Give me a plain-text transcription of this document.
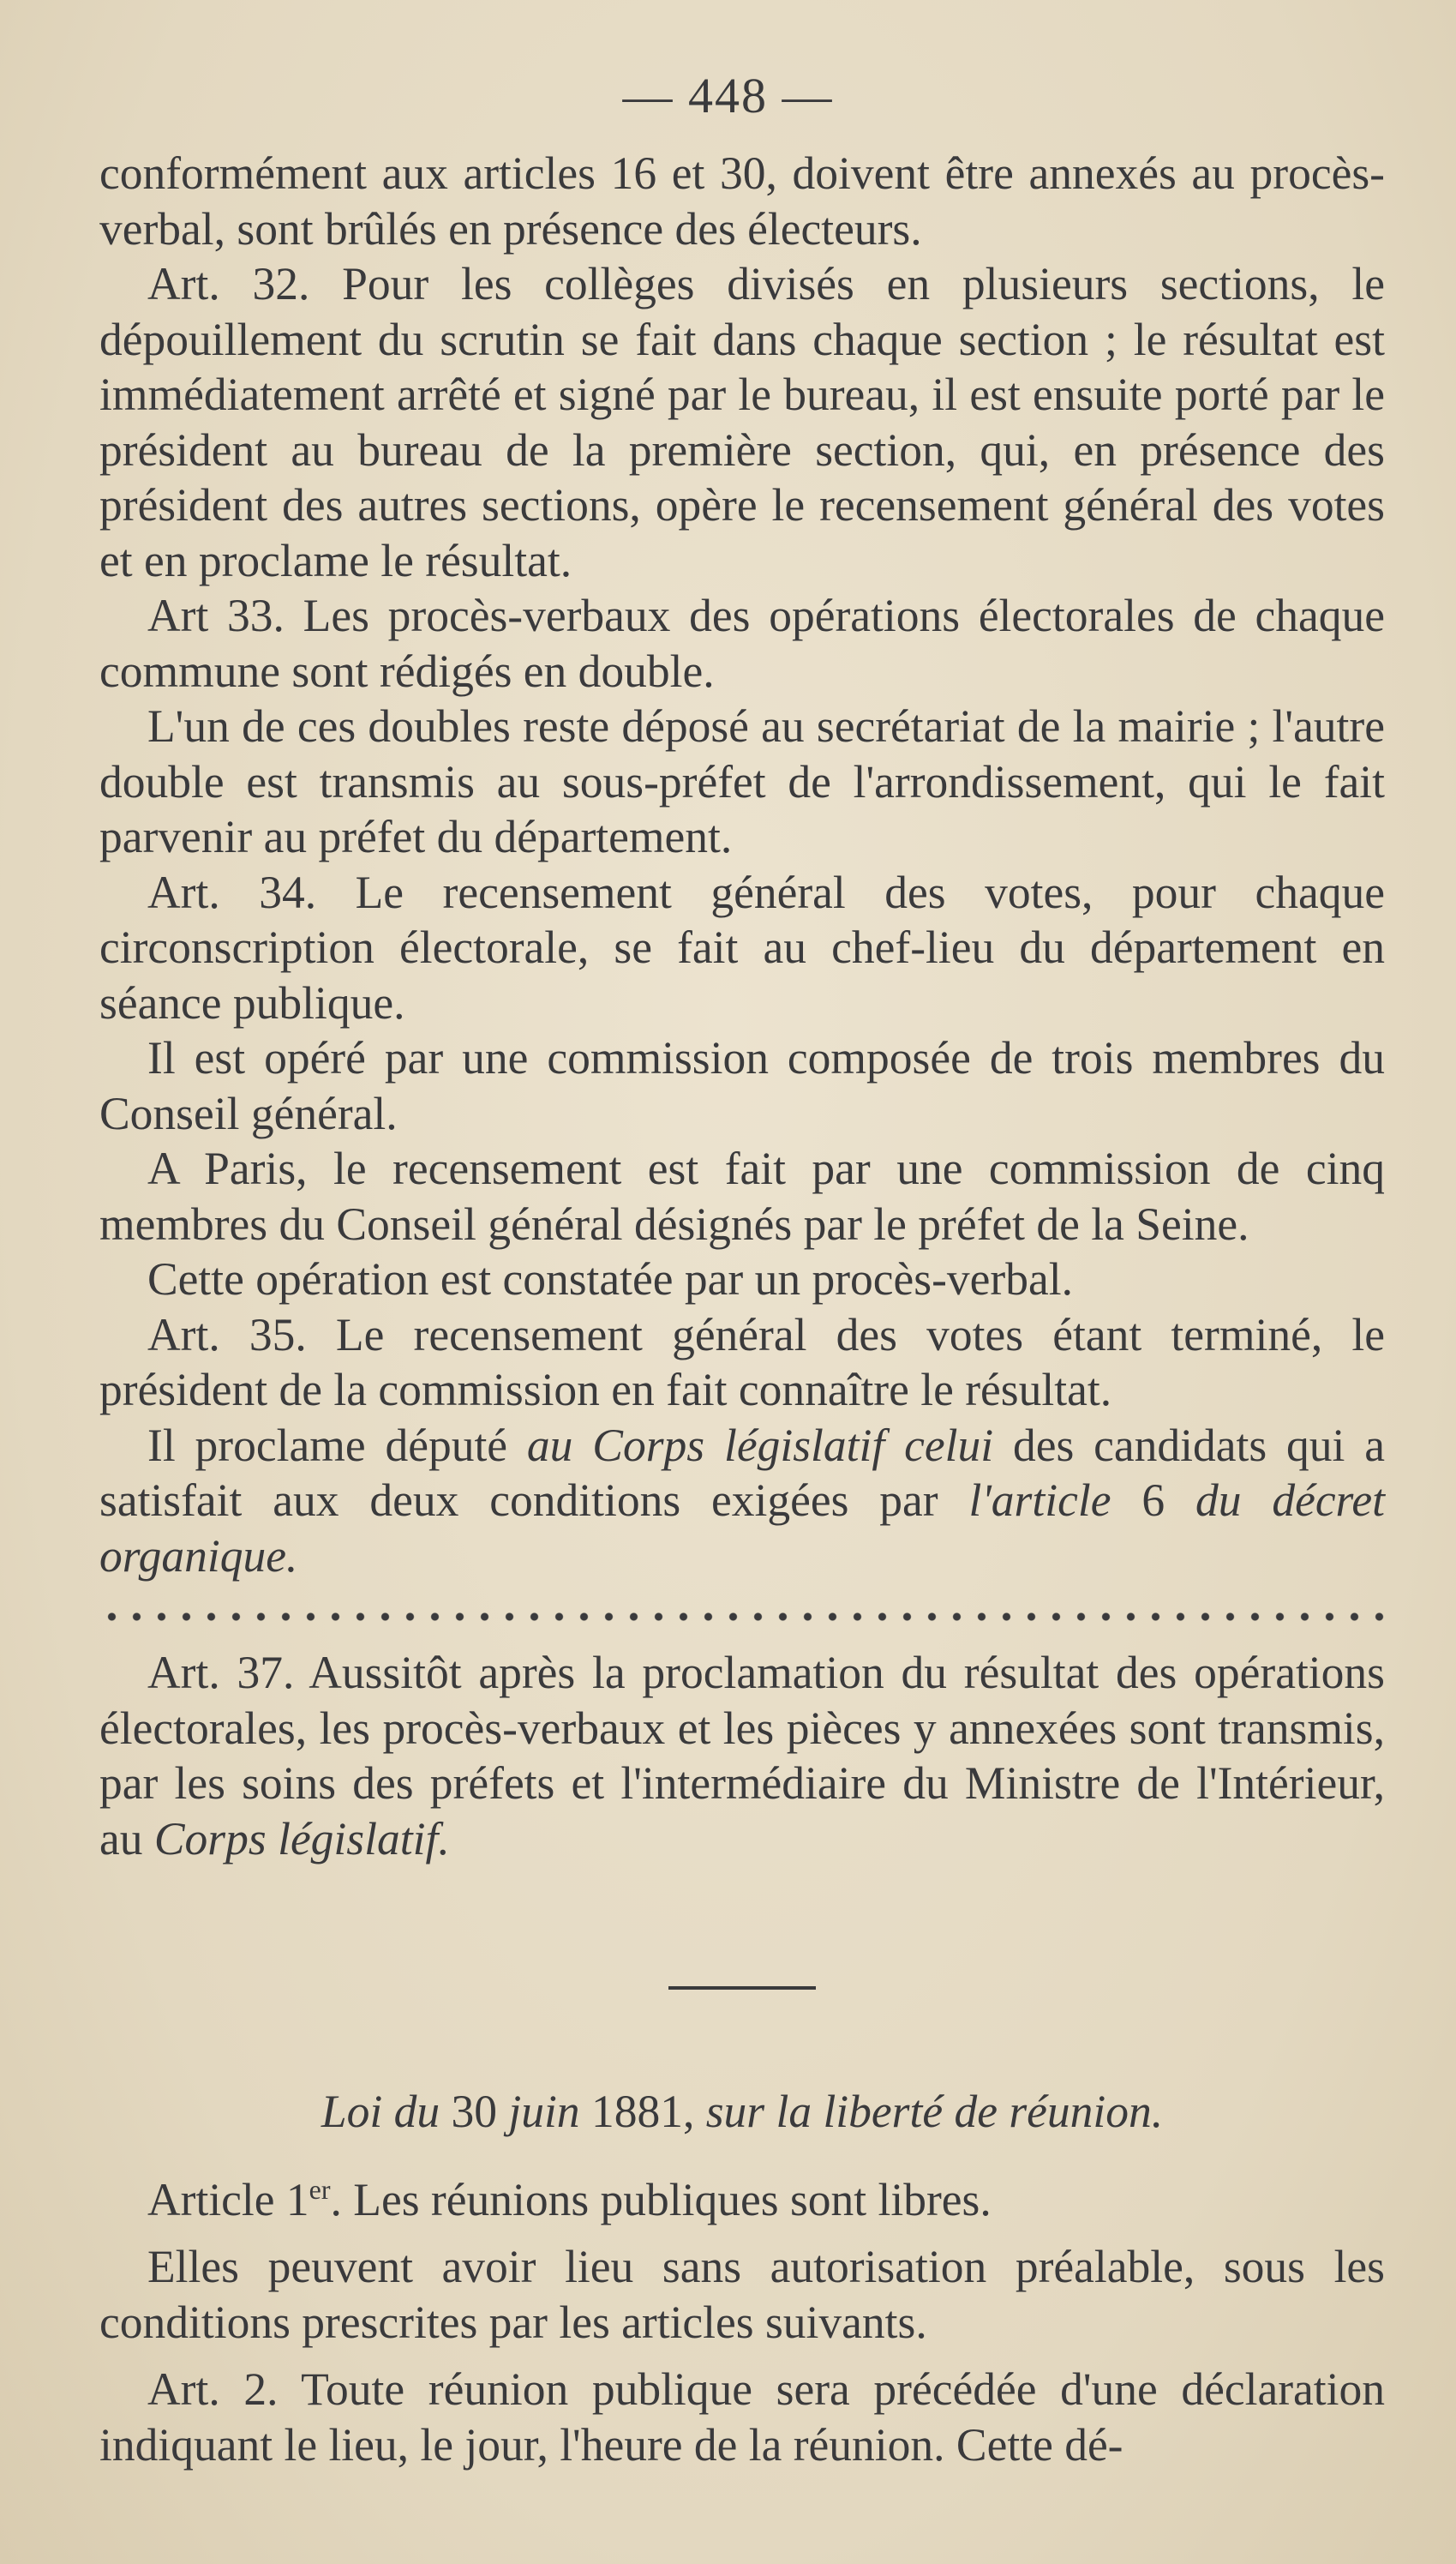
— 448 —

conformément aux articles 16 et 30, doivent être annexés au procès-verbal, sont brûlés en présence des électeurs.

Art. 32. Pour les collèges divisés en plusieurs sections, le dépouillement du scrutin se fait dans chaque section ; le résultat est immédiatement arrêté et signé par le bureau, il est ensuite porté par le président au bureau de la première section, qui, en présence des président des autres sections, opère le recensement général des votes et en proclame le résultat.

Art 33. Les procès-verbaux des opérations électorales de chaque commune sont rédigés en double.

L'un de ces doubles reste déposé au secrétariat de la mairie ; l'autre double est transmis au sous-préfet de l'arrondissement, qui le fait parvenir au préfet du département.

Art. 34. Le recensement général des votes, pour chaque circonscription électorale, se fait au chef-lieu du département en séance publique.

Il est opéré par une commission composée de trois membres du Conseil général.

A Paris, le recensement est fait par une commission de cinq membres du Conseil général désignés par le préfet de la Seine.

Cette opération est constatée par un procès-verbal.

Art. 35. Le recensement général des votes étant terminé, le président de la commission en fait connaître le résultat.

Il proclame député au Corps législatif celui des candidats qui a satisfait aux deux conditions exigées par l'article 6 du décret organique.

Art. 37. Aussitôt après la proclamation du résultat des opérations électorales, les procès-verbaux et les pièces y annexées sont transmis, par les soins des préfets et l'intermédiaire du Ministre de l'Intérieur, au Corps législatif.

Loi du 30 juin 1881, sur la liberté de réunion.

Article 1er. Les réunions publiques sont libres.

Elles peuvent avoir lieu sans autorisation préalable, sous les conditions prescrites par les articles suivants.

Art. 2. Toute réunion publique sera précédée d'une déclaration indiquant le lieu, le jour, l'heure de la réunion. Cette dé-
